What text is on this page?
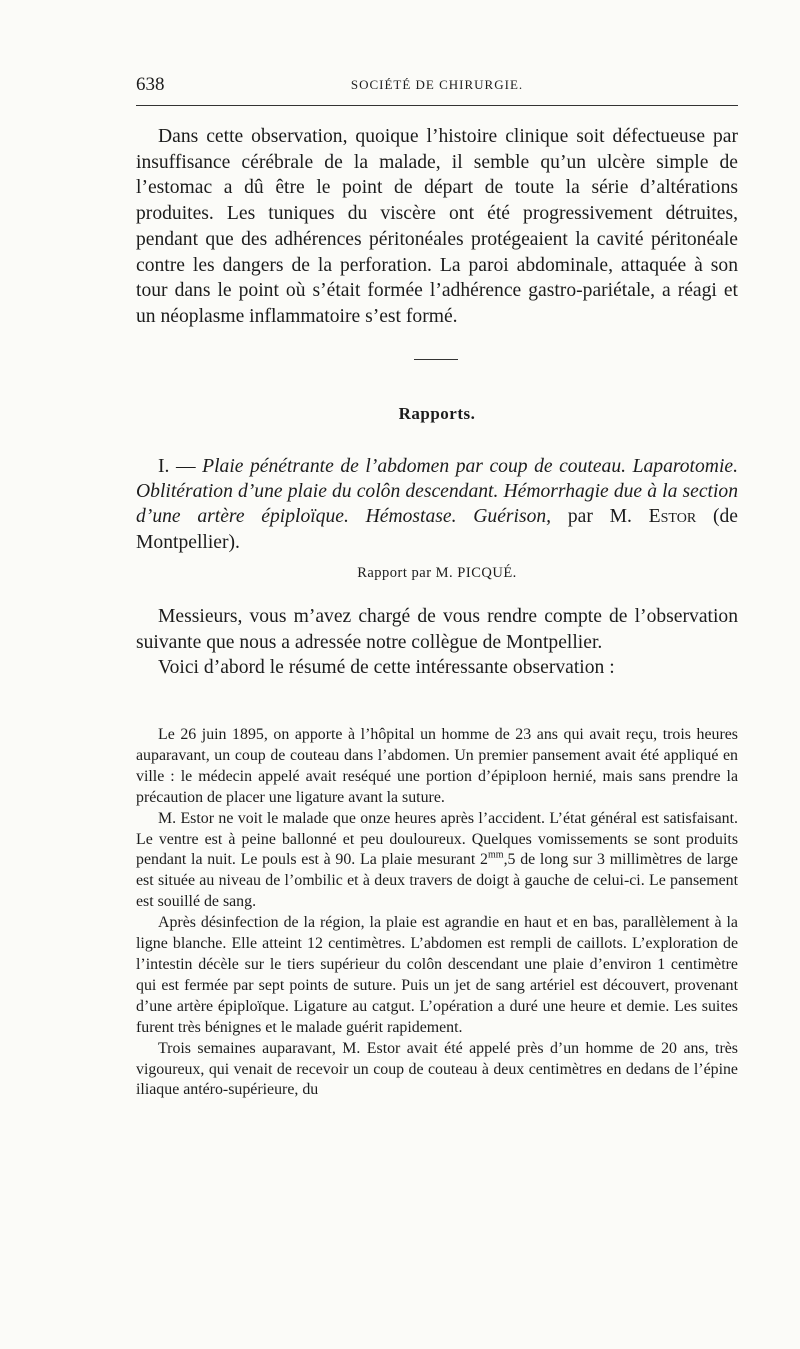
638	SOCIÉTÉ DE CHIRURGIE.

Dans cette observation, quoique l’histoire clinique soit défectueuse par insuffisance cérébrale de la malade, il semble qu’un ulcère simple de l’estomac a dû être le point de départ de toute la série d’altérations produites. Les tuniques du viscère ont été progressivement détruites, pendant que des adhérences péritonéales protégeaient la cavité péritonéale contre les dangers de la perforation. La paroi abdominale, attaquée à son tour dans le point où s’était formée l’adhérence gastro-pariétale, a réagi et un néoplasme inflammatoire s’est formé.

Rapports.

I. — Plaie pénétrante de l’abdomen par coup de couteau. Laparotomie. Oblitération d’une plaie du colôn descendant. Hémorrhagie due à la section d’une artère épiploïque. Hémostase. Guérison, par M. Estor (de Montpellier).

Rapport par M. PICQUÉ.

Messieurs, vous m’avez chargé de vous rendre compte de l’observation suivante que nous a adressée notre collègue de Montpellier.

Voici d’abord le résumé de cette intéressante observation :

Le 26 juin 1895, on apporte à l’hôpital un homme de 23 ans qui avait reçu, trois heures auparavant, un coup de couteau dans l’abdomen. Un premier pansement avait été appliqué en ville : le médecin appelé avait reséqué une portion d’épiploon hernié, mais sans prendre la précaution de placer une ligature avant la suture.

M. Estor ne voit le malade que onze heures après l’accident. L’état général est satisfaisant. Le ventre est à peine ballonné et peu douloureux. Quelques vomissements se sont produits pendant la nuit. Le pouls est à 90. La plaie mesurant $2^{mm},5$ de long sur 3 millimètres de large est située au niveau de l’ombilic et à deux travers de doigt à gauche de celui-ci. Le pansement est souillé de sang.

Après désinfection de la région, la plaie est agrandie en haut et en bas, parallèlement à la ligne blanche. Elle atteint 12 centimètres. L’abdomen est rempli de caillots. L’exploration de l’intestin décèle sur le tiers supérieur du colôn descendant une plaie d’environ 1 centimètre qui est fermée par sept points de suture. Puis un jet de sang artériel est découvert, provenant d’une artère épiploïque. Ligature au catgut. L’opération a duré une heure et demie. Les suites furent très bénignes et le malade guérit rapidement.

Trois semaines auparavant, M. Estor avait été appelé près d’un homme de 20 ans, très vigoureux, qui venait de recevoir un coup de couteau à deux centimètres en dedans de l’épine iliaque antéro-supérieure, du
